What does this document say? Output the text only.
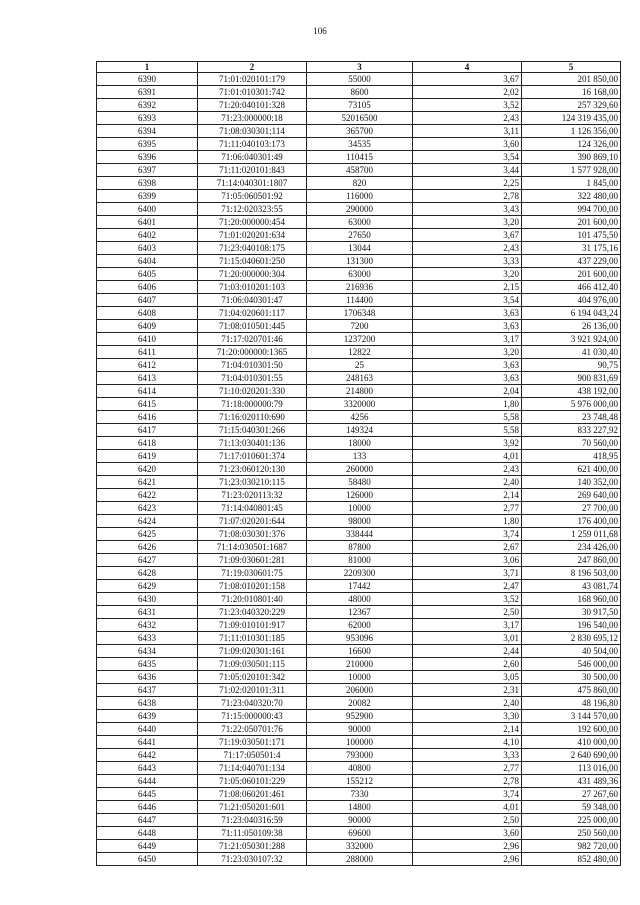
106
1	2	3	4	5
6390	71:01:020101:179	55000	3,67	201 850,00
6391	71:01:010301:742	8600	2,02	16 168,00
6392	71:20:040101:328	73105	3,52	257 329,60
6393	71:23:000000:18	52016500	2,43	124 319 435,00
6394	71:08:030301:114	365700	3,11	1 126 356,00
6395	71:11:040103:173	34535	3,60	124 326,00
6396	71:06:040301:49	110415	3,54	390 869,10
6397	71:11:020101:843	458700	3,44	1 577 928,00
6398	71:14:040301:1807	820	2,25	1 845,00
6399	71:05:060501:92	116000	2,78	322 480,00
6400	71:12:020323:55	290000	3,43	994 700,00
6401	71:20:000000:454	63000	3,20	201 600,00
6402	71:01:020201:634	27650	3,67	101 475,50
6403	71:23:040108:175	13044	2,43	31 175,16
6404	71:15:040601:250	131300	3,33	437 229,00
6405	71:20:000000:304	63000	3,20	201 600,00
6406	71:03:010201:103	216936	2,15	466 412,40
6407	71:06:040301:47	114400	3,54	404 976,00
6408	71:04:020601:117	1706348	3,63	6 194 043,24
6409	71:08:010501:445	7200	3,63	26 136,00
6410	71:17:020701:46	1237200	3,17	3 921 924,00
6411	71:20:000000:1365	12822	3,20	41 030,40
6412	71:04:010301:50	25	3,63	90,75
6413	71:04:010301:55	248163	3,63	900 831,69
6414	71:10:020201:330	214800	2,04	438 192,00
6415	71:18:000000:79	3320000	1,80	5 976 000,00
6416	71:16:020110:690	4256	5,58	23 748,48
6417	71:15:040301:266	149324	5,58	833 227,92
6418	71:13:030401:136	18000	3,92	70 560,00
6419	71:17:010601:374	133	4,01	418,95
6420	71:23:060120:130	260000	2,43	621 400,00
6421	71:23:030210:115	58480	2,40	140 352,00
6422	71:23:020113:32	126000	2,14	269 640,00
6423	71:14:040801:45	10000	2,77	27 700,00
6424	71:07:020201:644	98000	1,80	176 400,00
6425	71:08:030301:376	338444	3,74	1 259 011,68
6426	71:14:030501:1687	87800	2,67	234 426,00
6427	71:09:030601:281	81000	3,06	247 860,00
6428	71:19:030601:75	2209300	3,71	8 196 503,00
6429	71:08:010201:158	17442	2,47	43 081,74
6430	71:20:010801:40	48000	3,52	168 960,00
6431	71:23:040320:229	12367	2,50	30 917,50
6432	71:09:010101:917	62000	3,17	196 540,00
6433	71:11:010301:185	953096	3,01	2 830 695,12
6434	71:09:020301:161	16600	2,44	40 504,00
6435	71:09:030501:115	210000	2,60	546 000,00
6436	71:05:020101:342	10000	3,05	30 500,00
6437	71:02:020101:311	206000	2,31	475 860,00
6438	71:23:040320:70	20082	2,40	48 196,80
6439	71:15:000000:43	952900	3,30	3 144 570,00
6440	71:22:050701:76	90000	2,14	192 600,00
6441	71:19:030501:171	100000	4,10	410 000,00
6442	71:17:050501:4	793000	3,33	2 640 690,00
6443	71:14:040701:134	40800	2,77	113 016,00
6444	71:05:060101:229	155212	2,78	431 489,36
6445	71:08:060201:461	7330	3,74	27 267,60
6446	71:21:050201:601	14800	4,01	59 348,00
6447	71:23:040316:59	90000	2,50	225 000,00
6448	71:11:050109:38	69600	3,60	250 560,00
6449	71:21:050301:288	332000	2,96	982 720,00
6450	71:23:030107:32	288000	2,96	852 480,00
